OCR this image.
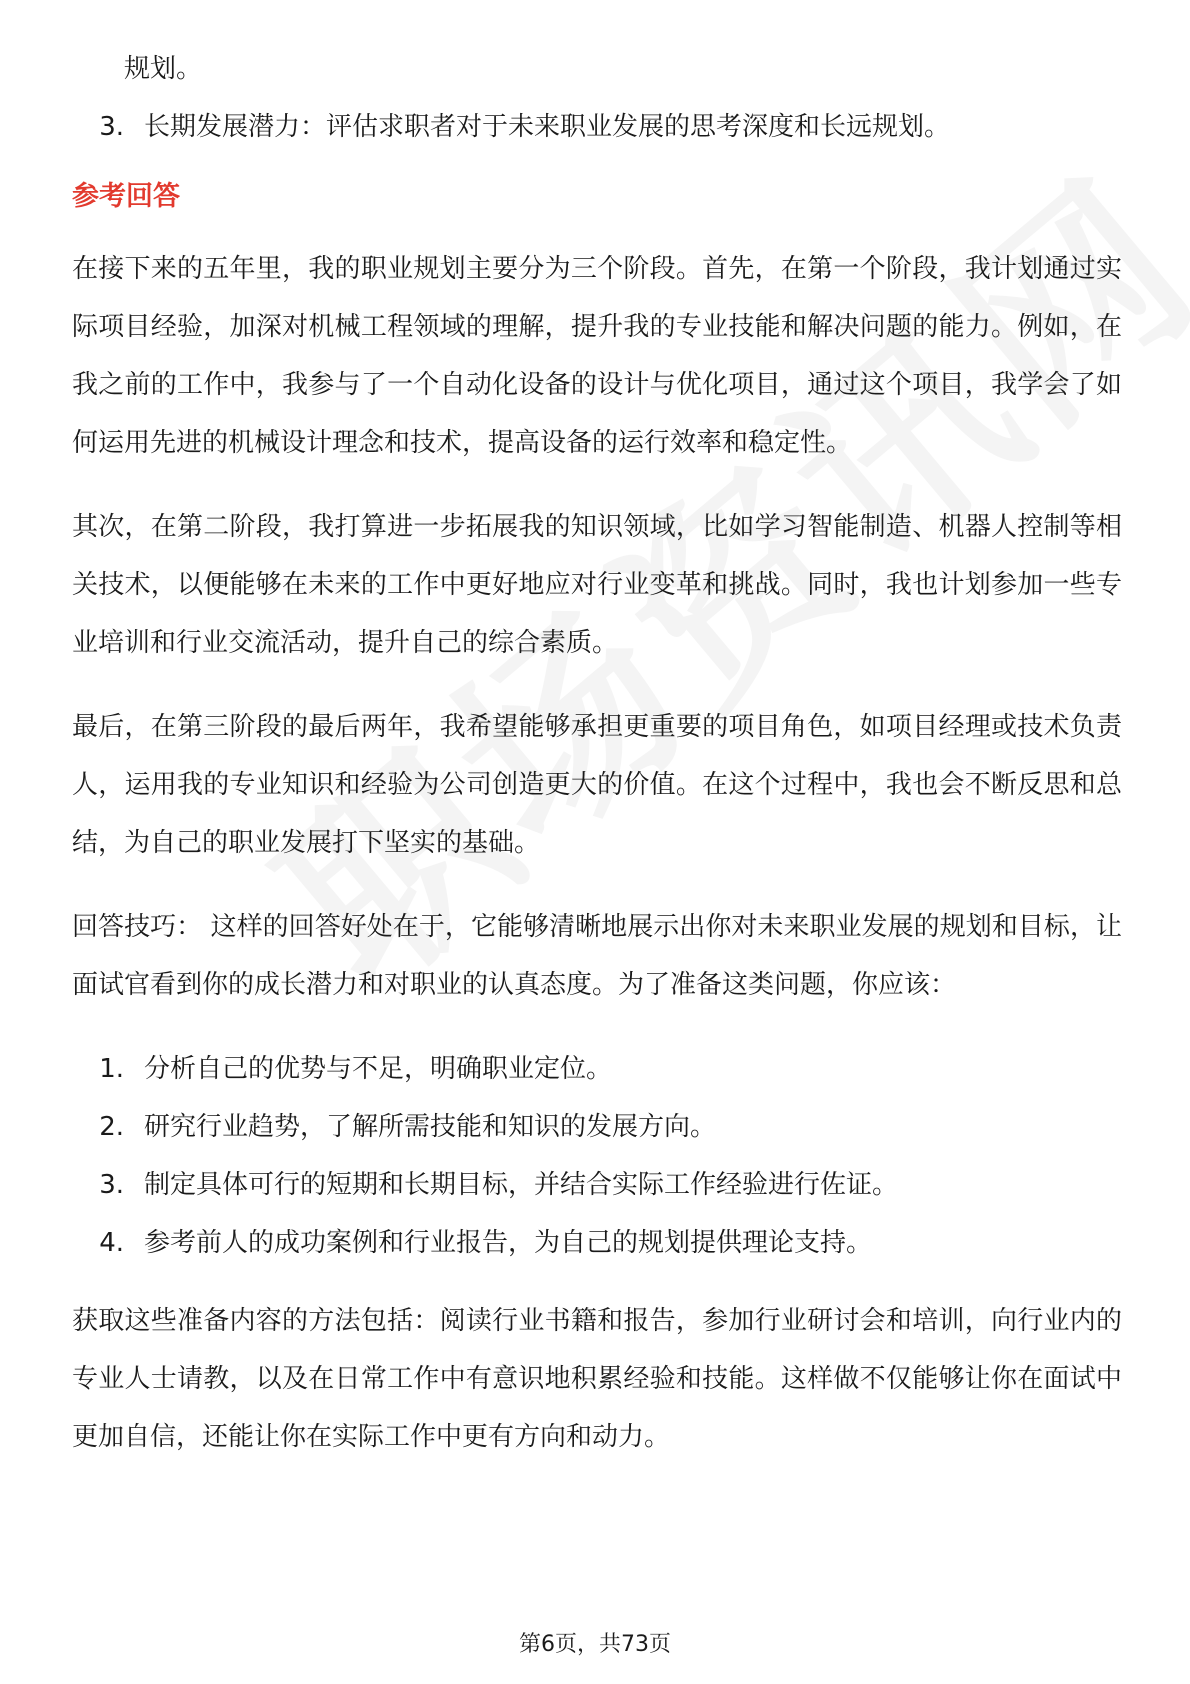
规划。
3. 长期发展潜力：评估求职者对于未来职业发展的思考深度和长远规划。
参考回答

在接下来的五年里，我的职业规划主要分为三个阶段。首先，在第一个阶段，我计划通过实际项目经验，加深对机械工程领域的理解，提升我的专业技能和解决问题的能力。例如，在我之前的工作中，我参与了一个自动化设备的设计与优化项目，通过这个项目，我学会了如何运用先进的机械设计理念和技术，提高设备的运行效率和稳定性。

其次，在第二阶段，我打算进一步拓展我的知识领域，比如学习智能制造、机器人控制等相关技术，以便能够在未来的工作中更好地应对行业变革和挑战。同时，我也计划参加一些专业培训和行业交流活动，提升自己的综合素质。

最后，在第三阶段的最后两年，我希望能够承担更重要的项目角色，如项目经理或技术负责人，运用我的专业知识和经验为公司创造更大的价值。在这个过程中，我也会不断反思和总结，为自己的职业发展打下坚实的基础。

回答技巧： 这样的回答好处在于，它能够清晰地展示出你对未来职业发展的规划和目标，让面试官看到你的成长潜力和对职业的认真态度。为了准备这类问题，你应该：

1. 分析自己的优势与不足，明确职业定位。
2. 研究行业趋势，了解所需技能和知识的发展方向。
3. 制定具体可行的短期和长期目标，并结合实际工作经验进行佐证。
4. 参考前人的成功案例和行业报告，为自己的规划提供理论支持。

获取这些准备内容的方法包括：阅读行业书籍和报告，参加行业研讨会和培训，向行业内的专业人士请教，以及在日常工作中有意识地积累经验和技能。这样做不仅能够让你在面试中更加自信，还能让你在实际工作中更有方向和动力。

第6页，共73页
